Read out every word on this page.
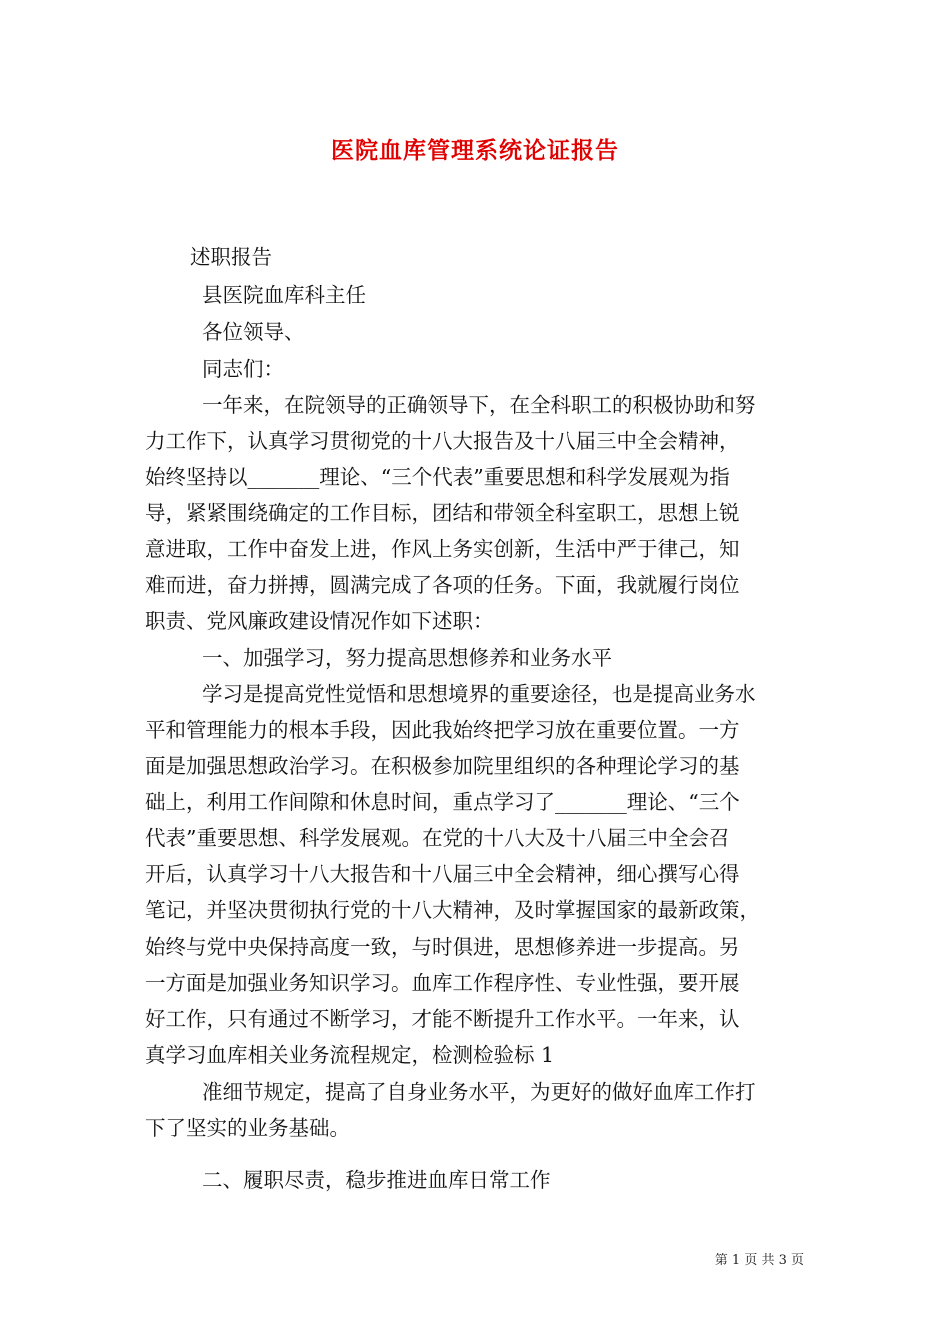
医院血库管理系统论证报告
述职报告
县医院血库科主任
各位领导、
同志们：
一年来，在院领导的正确领导下，在全科职工的积极协助和努
力工作下，认真学习贯彻党的十八大报告及十八届三中全会精神，
始终坚持以_______理论、“三个代表”重要思想和科学发展观为指
导，紧紧围绕确定的工作目标，团结和带领全科室职工，思想上锐
意进取，工作中奋发上进，作风上务实创新，生活中严于律己，知
难而进，奋力拼搏，圆满完成了各项的任务。下面，我就履行岗位
职责、党风廉政建设情况作如下述职：
一、加强学习，努力提高思想修养和业务水平
学习是提高党性觉悟和思想境界的重要途径，也是提高业务水
平和管理能力的根本手段，因此我始终把学习放在重要位置。一方
面是加强思想政治学习。在积极参加院里组织的各种理论学习的基
础上，利用工作间隙和休息时间，重点学习了_______理论、“三个
代表”重要思想、科学发展观。在党的十八大及十八届三中全会召
开后，认真学习十八大报告和十八届三中全会精神，细心撰写心得
笔记，并坚决贯彻执行党的十八大精神，及时掌握国家的最新政策，
始终与党中央保持高度一致，与时俱进，思想修养进一步提高。另
一方面是加强业务知识学习。血库工作程序性、专业性强，要开展
好工作，只有通过不断学习，才能不断提升工作水平。一年来，认
真学习血库相关业务流程规定，检测检验标 1
准细节规定，提高了自身业务水平，为更好的做好血库工作打
下了坚实的业务基础。
二、履职尽责，稳步推进血库日常工作
第 1 页 共 3 页
